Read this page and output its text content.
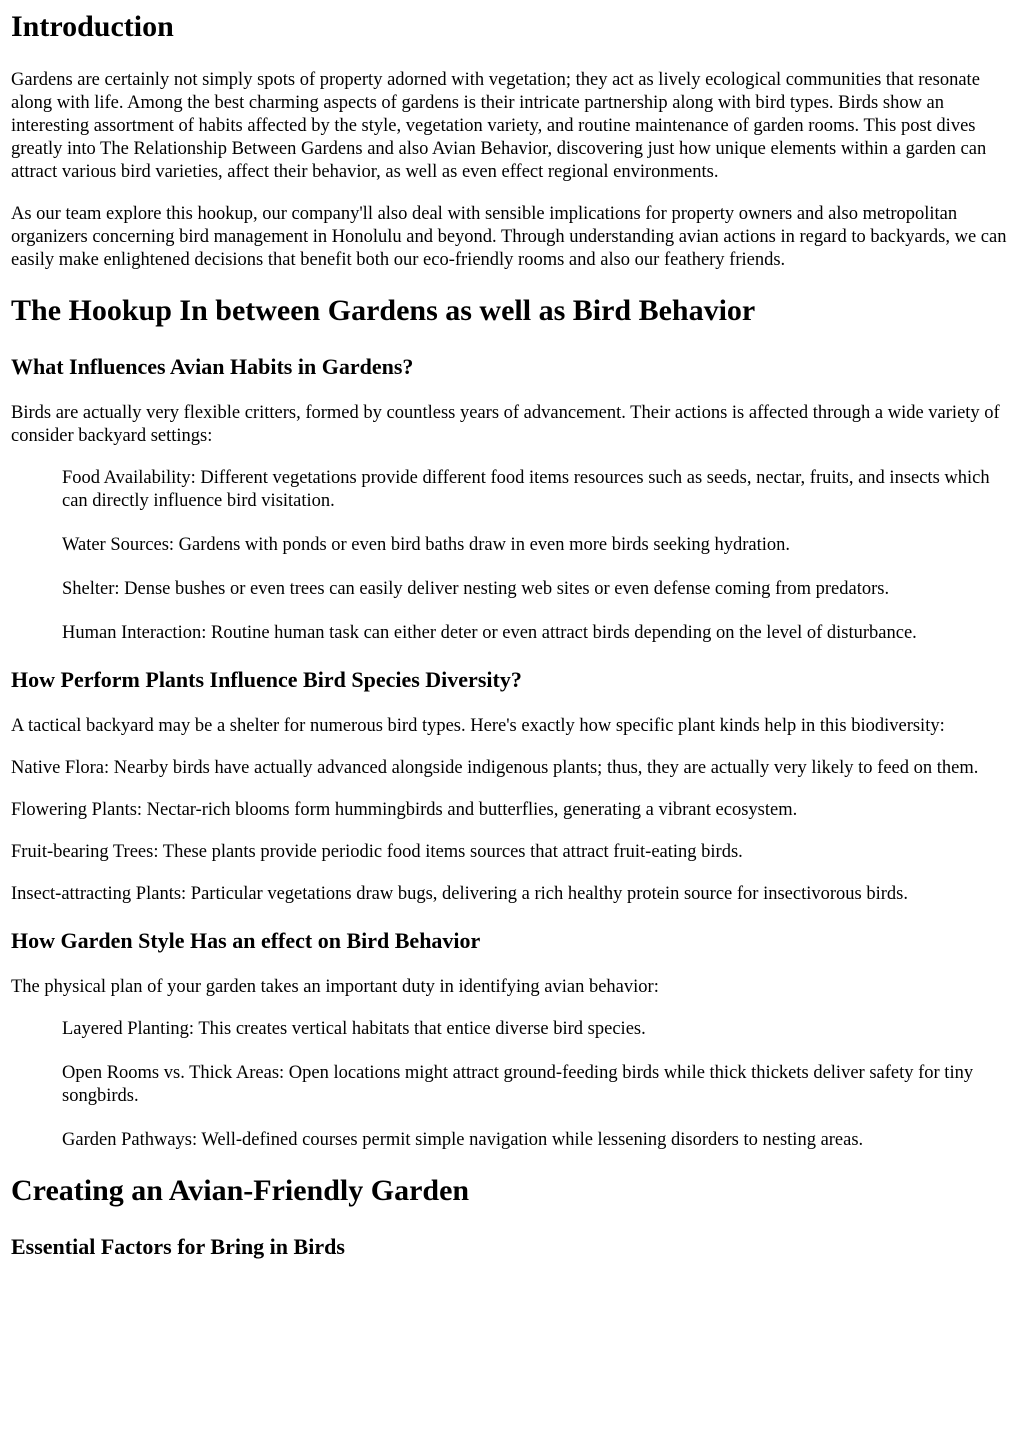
Introduction

Gardens are certainly not simply spots of property adorned with vegetation; they act as lively ecological communities that resonate along with life. Among the best charming aspects of gardens is their intricate partnership along with bird types. Birds show an interesting assortment of habits affected by the style, vegetation variety, and routine maintenance of garden rooms. This post dives greatly into The Relationship Between Gardens and also Avian Behavior, discovering just how unique elements within a garden can attract various bird varieties, affect their behavior, as well as even effect regional environments.

As our team explore this hookup, our company'll also deal with sensible implications for property owners and also metropolitan organizers concerning bird management in Honolulu and beyond. Through understanding avian actions in regard to backyards, we can easily make enlightened decisions that benefit both our eco-friendly rooms and also our feathery friends.

The Hookup In between Gardens as well as Bird Behavior
What Influences Avian Habits in Gardens?

Birds are actually very flexible critters, formed by countless years of advancement. Their actions is affected through a wide variety of consider backyard settings:

Food Availability: Different vegetations provide different food items resources such as seeds, nectar, fruits, and insects which can directly influence bird visitation.

Water Sources: Gardens with ponds or even bird baths draw in even more birds seeking hydration.

Shelter: Dense bushes or even trees can easily deliver nesting web sites or even defense coming from predators.

Human Interaction: Routine human task can either deter or even attract birds depending on the level of disturbance.

How Perform Plants Influence Bird Species Diversity?

A tactical backyard may be a shelter for numerous bird types. Here's exactly how specific plant kinds help in this biodiversity:

Native Flora: Nearby birds have actually advanced alongside indigenous plants; thus, they are actually very likely to feed on them.

Flowering Plants: Nectar-rich blooms form hummingbirds and butterflies, generating a vibrant ecosystem.

Fruit-bearing Trees: These plants provide periodic food items sources that attract fruit-eating birds.

Insect-attracting Plants: Particular vegetations draw bugs, delivering a rich healthy protein source for insectivorous birds.

How Garden Style Has an effect on Bird Behavior

The physical plan of your garden takes an important duty in identifying avian behavior:

Layered Planting: This creates vertical habitats that entice diverse bird species.

Open Rooms vs. Thick Areas: Open locations might attract ground-feeding birds while thick thickets deliver safety for tiny songbirds.

Garden Pathways: Well-defined courses permit simple navigation while lessening disorders to nesting areas.

Creating an Avian-Friendly Garden
Essential Factors for Bring in Birds
